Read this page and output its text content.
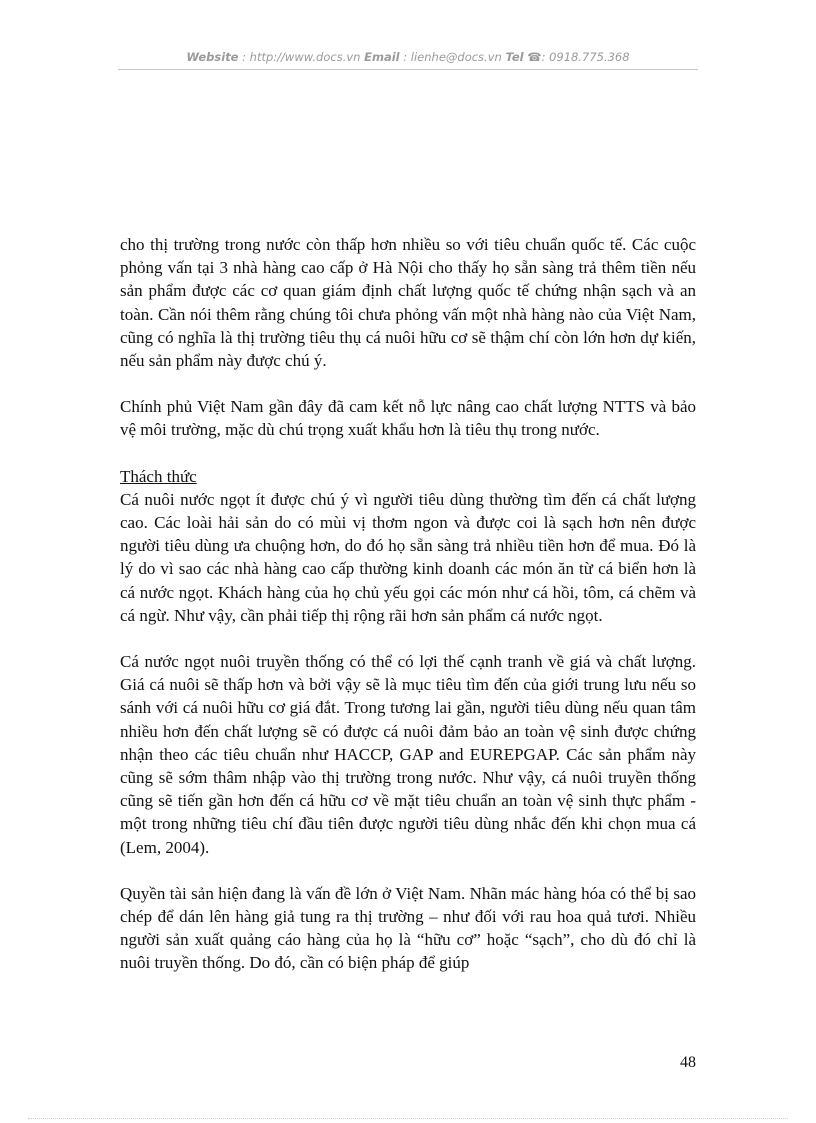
Website : http://www.docs.vn Email : lienhe@docs.vn Tel ☎: 0918.775.368

cho thị trường trong nước còn thấp hơn nhiều so với tiêu chuẩn quốc tế. Các cuộc phỏng vấn tại 3 nhà hàng cao cấp ở Hà Nội cho thấy họ sẵn sàng trả thêm tiền nếu sản phẩm được các cơ quan giám định chất lượng quốc tế chứng nhận sạch và an toàn. Cần nói thêm rằng chúng tôi chưa phỏng vấn một nhà hàng nào của Việt Nam, cũng có nghĩa là thị trường tiêu thụ cá nuôi hữu cơ sẽ thậm chí còn lớn hơn dự kiến, nếu sản phẩm này được chú ý.

Chính phủ Việt Nam gần đây đã cam kết nỗ lực nâng cao chất lượng NTTS và bảo vệ môi trường, mặc dù chú trọng xuất khẩu hơn là tiêu thụ trong nước.

Thách thức

Cá nuôi nước ngọt ít được chú ý vì người tiêu dùng thường tìm đến cá chất lượng cao. Các loài hải sản do có mùi vị thơm ngon và được coi là sạch hơn nên được người tiêu dùng ưa chuộng hơn, do đó họ sẵn sàng trả nhiều tiền hơn để mua. Đó là lý do vì sao các nhà hàng cao cấp thường kinh doanh các món ăn từ cá biển hơn là cá nước ngọt. Khách hàng của họ chủ yếu gọi các món như cá hồi, tôm, cá chẽm và cá ngừ. Như vậy, cần phải tiếp thị rộng rãi hơn sản phẩm cá nước ngọt.

Cá nước ngọt nuôi truyền thống có thể có lợi thế cạnh tranh về giá và chất lượng. Giá cá nuôi sẽ thấp hơn và bởi vậy sẽ là mục tiêu tìm đến của giới trung lưu nếu so sánh với cá nuôi hữu cơ giá đắt. Trong tương lai gần, người tiêu dùng nếu quan tâm nhiều hơn đến chất lượng sẽ có được cá nuôi đảm bảo an toàn vệ sinh được chứng nhận theo các tiêu chuẩn như HACCP, GAP and EUREPGAP. Các sản phẩm này cũng sẽ sớm thâm nhập vào thị trường trong nước. Như vậy, cá nuôi truyền thống cũng sẽ tiến gần hơn đến cá hữu cơ về mặt tiêu chuẩn an toàn vệ sinh thực phẩm - một trong những tiêu chí đầu tiên được người tiêu dùng nhắc đến khi chọn mua cá (Lem, 2004).

Quyền tài sản hiện đang là vấn đề lớn ở Việt Nam. Nhãn mác hàng hóa có thể bị sao chép để dán lên hàng giả tung ra thị trường – như đối với rau hoa quả tươi. Nhiều người sản xuất quảng cáo hàng của họ là “hữu cơ” hoặc “sạch”, cho dù đó chỉ là nuôi truyền thống. Do đó, cần có biện pháp để giúp

48
